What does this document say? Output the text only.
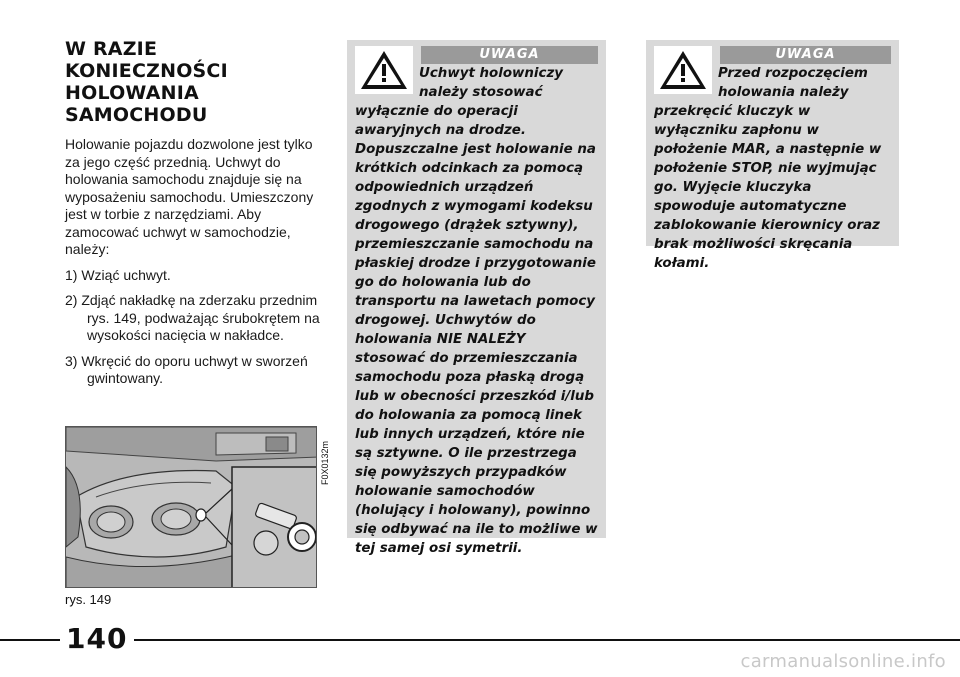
W RAZIE
KONIECZNOŚCI
HOLOWANIA
SAMOCHODU

Holowanie pojazdu dozwolone jest tylko za jego część przednią. Uchwyt do holowania samochodu znajduje się na wyposażeniu samochodu. Umieszczony jest w torbie z narzędziami. Aby zamocować uchwyt w samochodzie, należy:

1) Wziąć uchwyt.
2) Zdjąć nakładkę na zderzaku przednim rys. 149, podważając śrubokrętem na wysokości nacięcia w nakładce.
3) Wkręcić do oporu uchwyt w sworzeń gwintowany.
F0X0132m
rys. 149
UWAGA

Uchwyt holowniczy należy stosować wyłącznie do operacji awaryjnych na drodze. Dopuszczalne jest holowanie na krótkich odcinkach za pomocą odpowiednich urządzeń zgodnych z wymogami kodeksu drogowego (drążek sztywny), przemieszczanie samochodu na płaskiej drodze i przygotowanie go do holowania lub do transportu na lawetach pomocy drogowej. Uchwytów do holowania NIE NALEŻY stosować do przemieszczania samochodu poza płaską drogą lub w obecności przeszkód i/lub do holowania za pomocą linek lub innych urządzeń, które nie są sztywne. O ile przestrzega się powyższych przypadków holowanie samochodów (holujący i holowany), powinno się odbywać na ile to możliwe w tej samej osi symetrii.

UWAGA

Przed rozpoczęciem holowania należy przekręcić kluczyk w wyłączniku zapłonu w położenie MAR, a następnie w położenie STOP, nie wyjmując go. Wyjęcie kluczyka spowoduje automatyczne zablokowanie kierownicy oraz brak możliwości skręcania kołami.

140
carmanualsonline.info
